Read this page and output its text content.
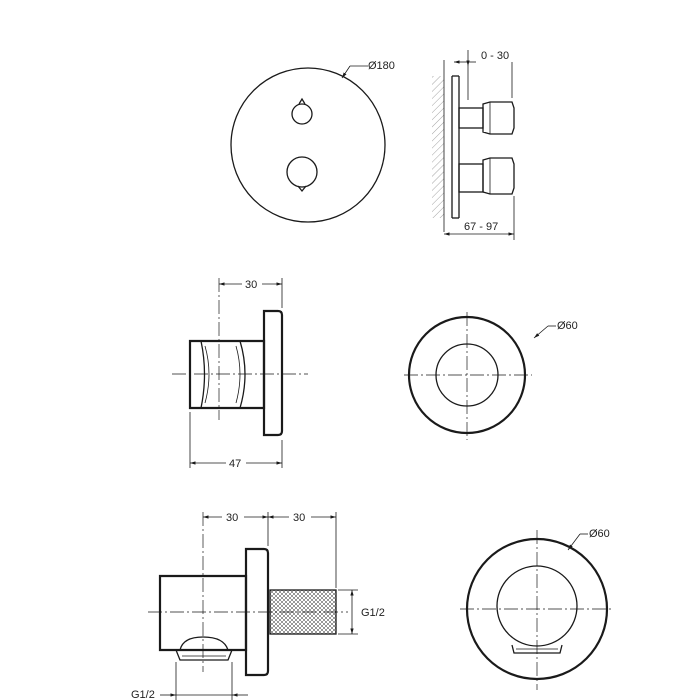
Ø180
0 - 30
67 - 97
30
47
Ø60
30	30
G1/2
G1/2
Ø60
